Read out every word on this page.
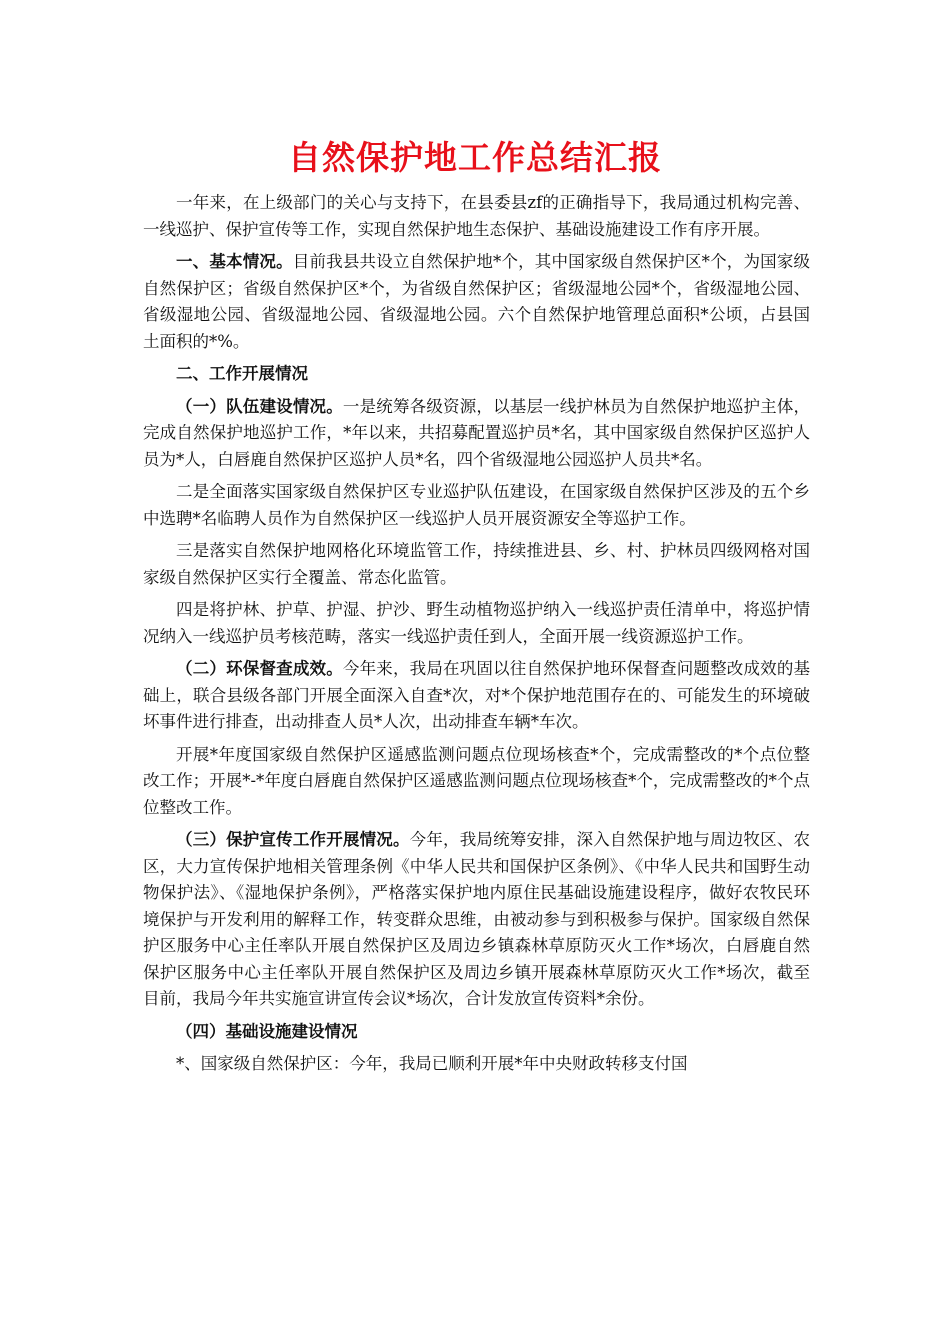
自然保护地工作总结汇报

一年来，在上级部门的关心与支持下，在县委县zf的正确指导下，我局通过机构完善、一线巡护、保护宣传等工作，实现自然保护地生态保护、基础设施建设工作有序开展。

一、基本情况。目前我县共设立自然保护地*个，其中国家级自然保护区*个，为国家级自然保护区；省级自然保护区*个，为省级自然保护区；省级湿地公园*个，省级湿地公园、省级湿地公园、省级湿地公园、省级湿地公园。六个自然保护地管理总面积*公顷，占县国土面积的*%。

二、工作开展情况

（一）队伍建设情况。一是统筹各级资源，以基层一线护林员为自然保护地巡护主体，完成自然保护地巡护工作，*年以来，共招募配置巡护员*名，其中国家级自然保护区巡护人员为*人，白唇鹿自然保护区巡护人员*名，四个省级湿地公园巡护人员共*名。

二是全面落实国家级自然保护区专业巡护队伍建设，在国家级自然保护区涉及的五个乡中选聘*名临聘人员作为自然保护区一线巡护人员开展资源安全等巡护工作。

三是落实自然保护地网格化环境监管工作，持续推进县、乡、村、护林员四级网格对国家级自然保护区实行全覆盖、常态化监管。

四是将护林、护草、护湿、护沙、野生动植物巡护纳入一线巡护责任清单中，将巡护情况纳入一线巡护员考核范畴，落实一线巡护责任到人，全面开展一线资源巡护工作。

（二）环保督查成效。今年来，我局在巩固以往自然保护地环保督查问题整改成效的基础上，联合县级各部门开展全面深入自查*次，对*个保护地范围存在的、可能发生的环境破坏事件进行排查，出动排查人员*人次，出动排查车辆*车次。

开展*年度国家级自然保护区遥感监测问题点位现场核查*个，完成需整改的*个点位整改工作；开展*-*年度白唇鹿自然保护区遥感监测问题点位现场核查*个，完成需整改的*个点位整改工作。

（三）保护宣传工作开展情况。今年，我局统筹安排，深入自然保护地与周边牧区、农区，大力宣传保护地相关管理条例《中华人民共和国保护区条例》、《中华人民共和国野生动物保护法》、《湿地保护条例》，严格落实保护地内原住民基础设施建设程序，做好农牧民环境保护与开发利用的解释工作，转变群众思维，由被动参与到积极参与保护。国家级自然保护区服务中心主任率队开展自然保护区及周边乡镇森林草原防灭火工作*场次，白唇鹿自然保护区服务中心主任率队开展自然保护区及周边乡镇开展森林草原防灭火工作*场次，截至目前，我局今年共实施宣讲宣传会议*场次，合计发放宣传资料*余份。

（四）基础设施建设情况

*、国家级自然保护区：今年，我局已顺利开展*年中央财政转移支付国
